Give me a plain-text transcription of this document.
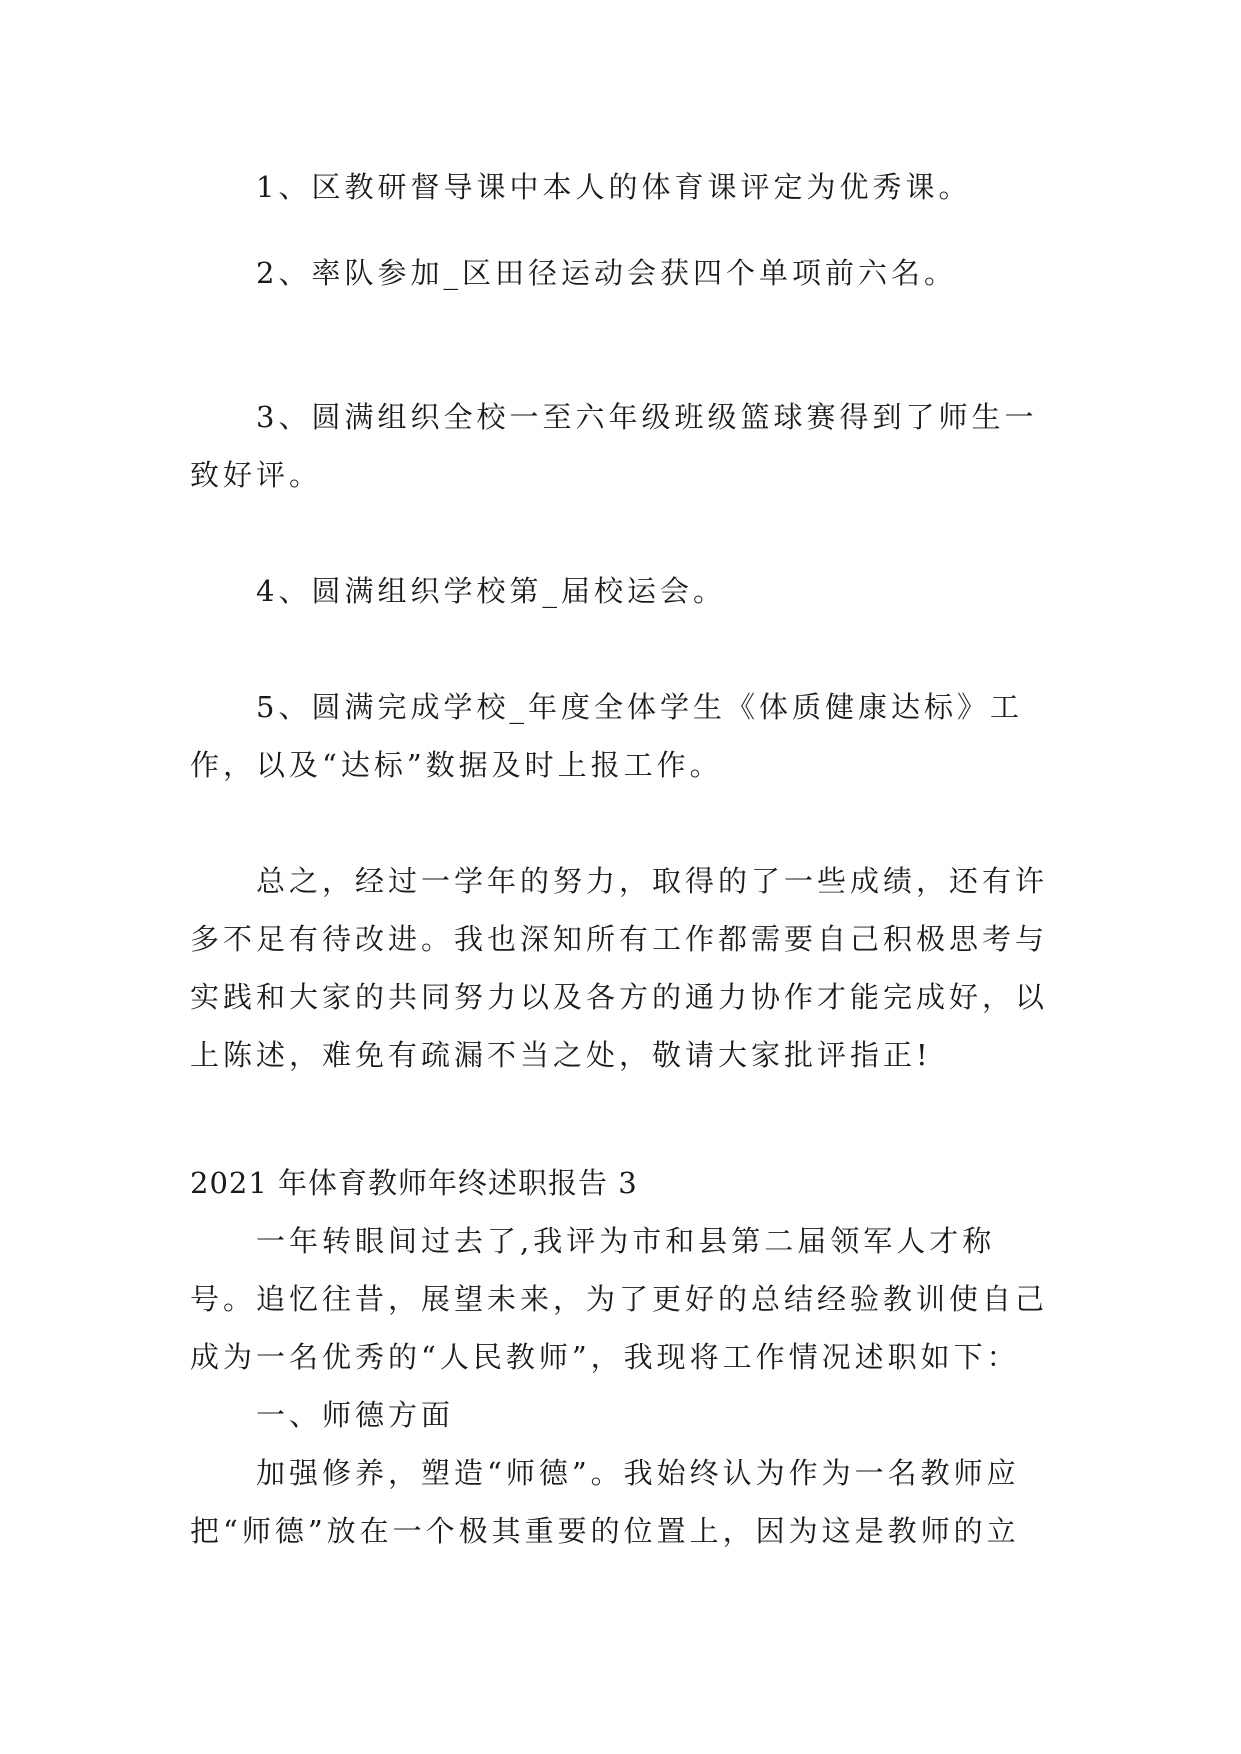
1、区教研督导课中本人的体育课评定为优秀课。

2、率队参加_区田径运动会获四个单项前六名。

3、圆满组织全校一至六年级班级篮球赛得到了师生一致好评。

4、圆满组织学校第_届校运会。

5、圆满完成学校_年度全体学生《体质健康达标》工作，以及“达标”数据及时上报工作。

总之，经过一学年的努力，取得的了一些成绩，还有许多不足有待改进。我也深知所有工作都需要自己积极思考与实践和大家的共同努力以及各方的通力协作才能完成好，以上陈述，难免有疏漏不当之处，敬请大家批评指正!

2021 年体育教师年终述职报告 3

一年转眼间过去了,我评为市和县第二届领军人才称号。追忆往昔，展望未来，为了更好的总结经验教训使自己成为一名优秀的“人民教师”，我现将工作情况述职如下：

一、师德方面

加强修养，塑造“师德”。我始终认为作为一名教师应把“师德”放在一个极其重要的位置上，因为这是教师的立
